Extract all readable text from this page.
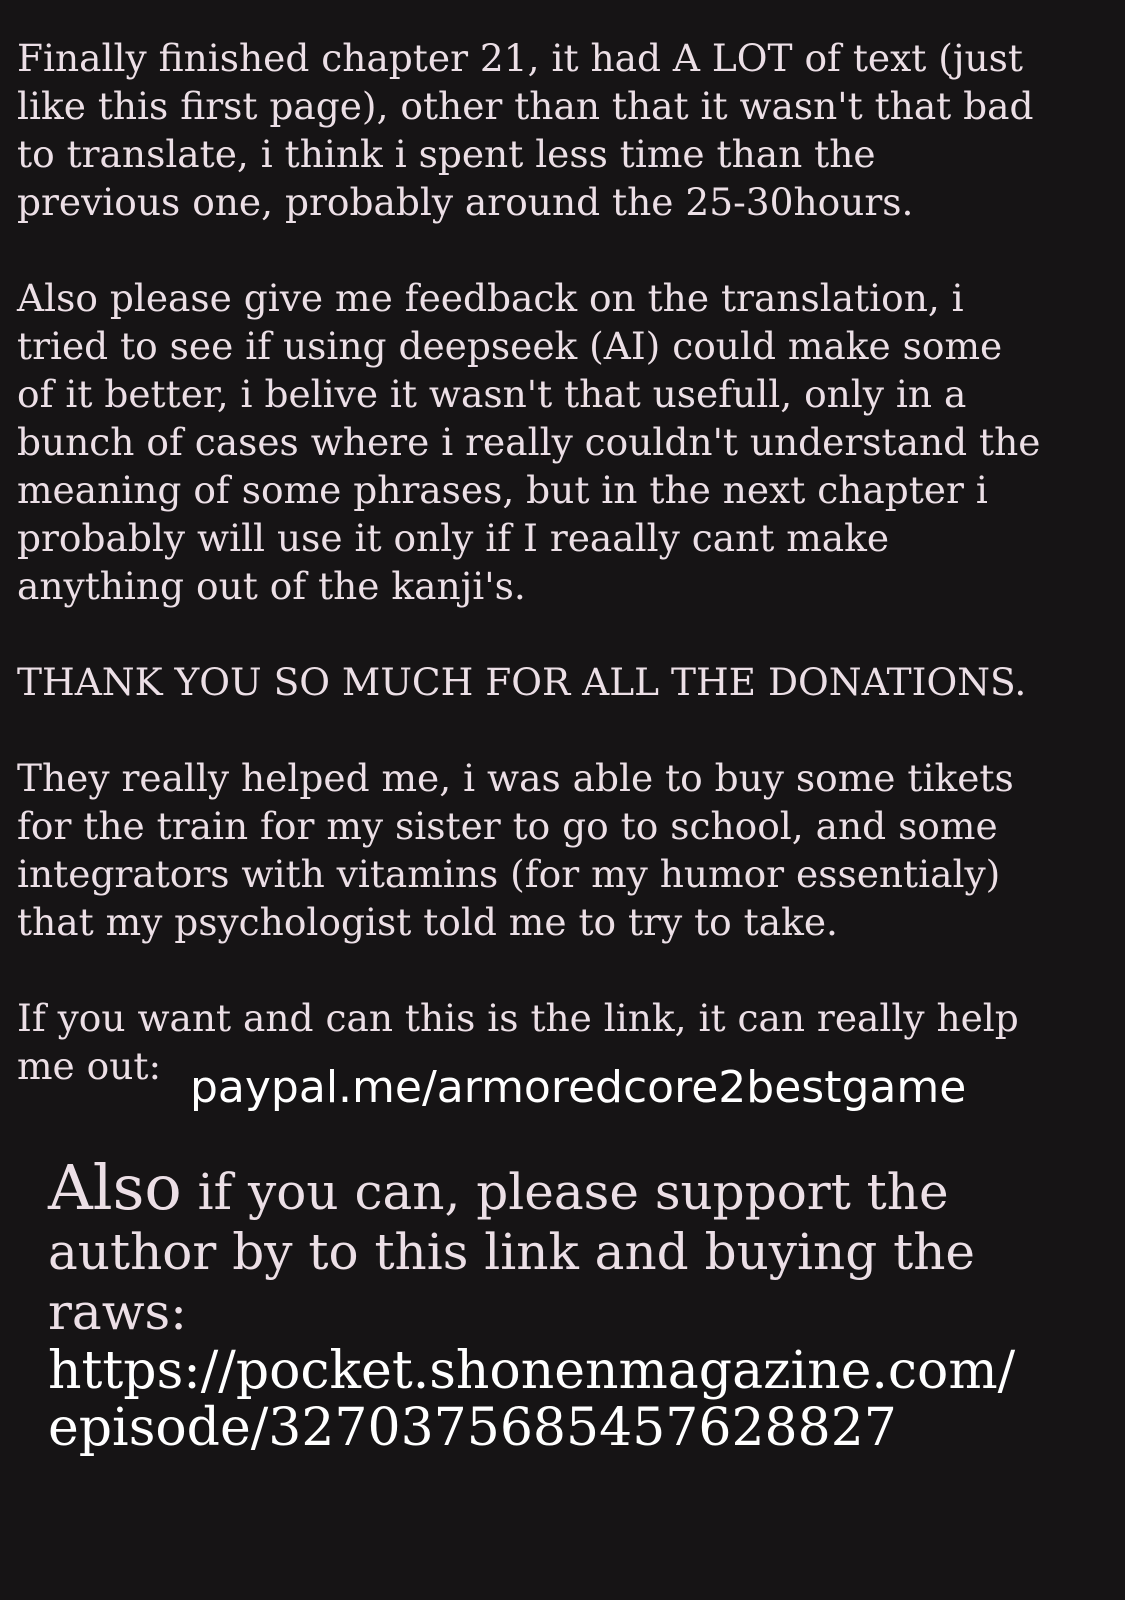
Finally finished chapter 21, it had A LOT of text (just
like this first page), other than that it wasn't that bad
to translate, i think i spent less time than the
previous one, probably around the 25-30hours.

Also please give me feedback on the translation, i
tried to see if using deepseek (AI) could make some
of it better, i belive it wasn't that usefull, only in a
bunch of cases where i really couldn't understand the
meaning of some phrases, but in the next chapter i
probably will use it only if I reaally cant make
anything out of the kanji's.

THANK YOU SO MUCH FOR ALL THE DONATIONS.

They really helped me, i was able to buy some tikets
for the train for my sister to go to school, and some
integrators with vitamins (for my humor essentialy)
that my psychologist told me to try to take.

If you want and can this is the link, it can really help
me out: paypal.me/armoredcore2bestgame
Also if you can, please support the author by to this link and buying the raws:
https://pocket.shonenmagazine.com/
episode/3270375685457628827
